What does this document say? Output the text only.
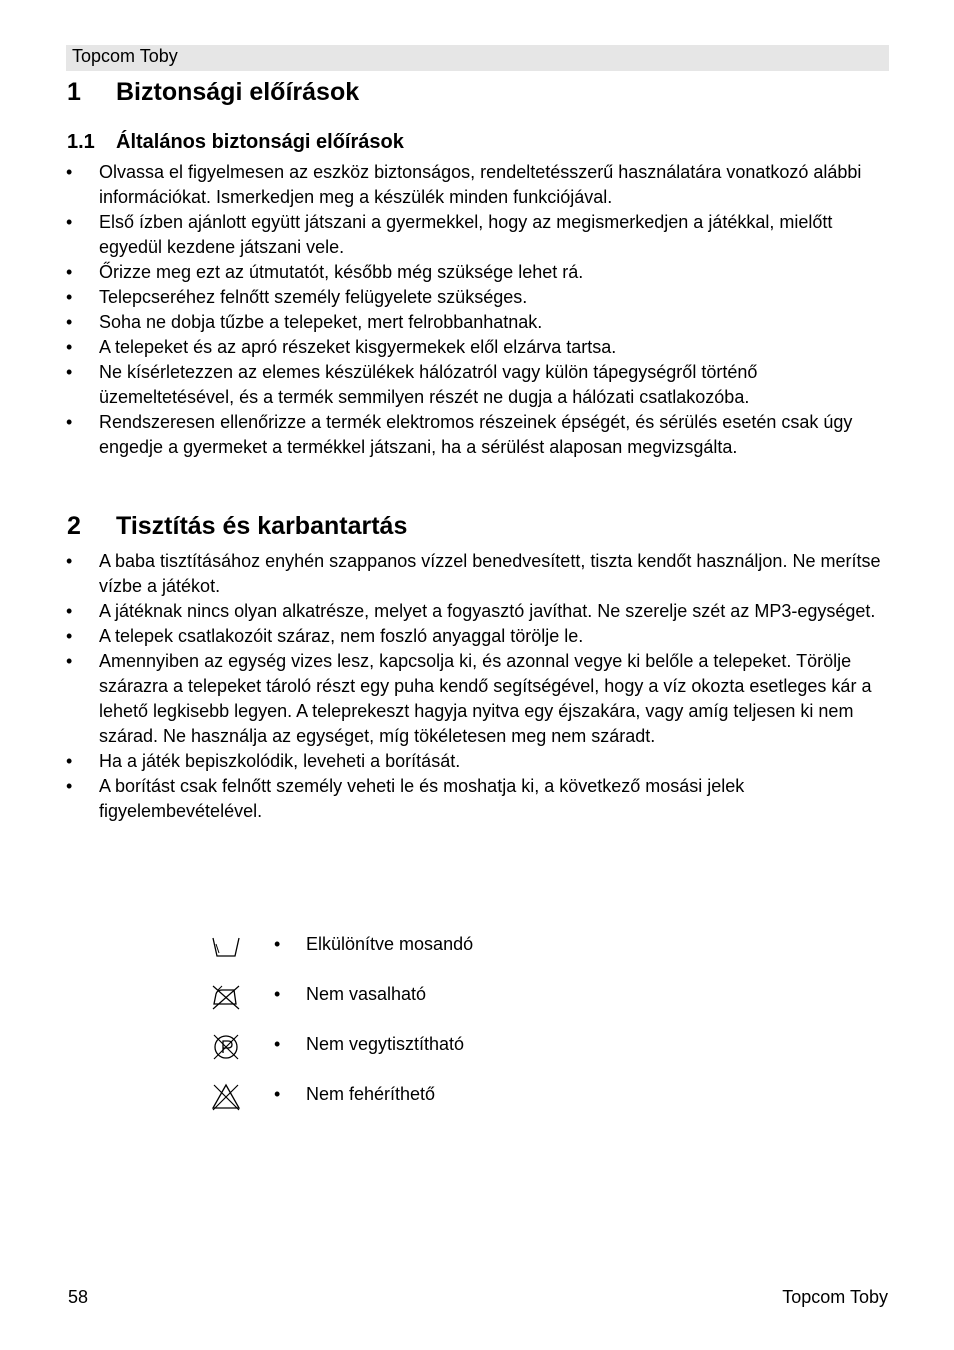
Topcom Toby
1 Biztonsági előírások
1.1 Általános biztonsági előírások
• Olvassa el figyelmesen az eszköz biztonságos, rendeltetésszerű használatára vonatkozó alábbi információkat. Ismerkedjen meg a készülék minden funkciójával.
• Első ízben ajánlott együtt játszani a gyermekkel, hogy az megismerkedjen a játékkal, mielőtt egyedül kezdene játszani vele.
• Őrizze meg ezt az útmutatót, később még szüksége lehet rá.
• Telepcseréhez felnőtt személy felügyelete szükséges.
• Soha ne dobja tűzbe a telepeket, mert felrobbanhatnak.
• A telepeket és az apró részeket kisgyermekek elől elzárva tartsa.
• Ne kísérletezzen az elemes készülékek hálózatról vagy külön tápegységről történő üzemeltetésével, és a termék semmilyen részét ne dugja a hálózati csatlakozóba.
• Rendszeresen ellenőrizze a termék elektromos részeinek épségét, és sérülés esetén csak úgy engedje a gyermeket a termékkel játszani, ha a sérülést alaposan megvizsgálta.
2 Tisztítás és karbantartás
• A baba tisztításához enyhén szappanos vízzel benedvesített, tiszta kendőt használjon. Ne merítse vízbe a játékot.
• A játéknak nincs olyan alkatrésze, melyet a fogyasztó javíthat. Ne szerelje szét az MP3-egységet.
• A telepek csatlakozóit száraz, nem foszló anyaggal törölje le.
• Amennyiben az egység vizes lesz, kapcsolja ki, és azonnal vegye ki belőle a telepeket. Törölje szárazra a telepeket tároló részt egy puha kendő segítségével, hogy a víz okozta esetleges kár a lehető legkisebb legyen. A teleprekeszt hagyja nyitva egy éjszakára, vagy amíg teljesen ki nem szárad. Ne használja az egységet, míg tökéletesen meg nem száradt.
• Ha a játék bepiszkolódik, leveheti a borítását.
• A borítást csak felnőtt személy veheti le és moshatja ki, a következő mosási jelek figyelembevételével.
• Elkülönítve mosandó
• Nem vasalható
• Nem vegytisztítható
• Nem fehéríthető
58	Topcom Toby
